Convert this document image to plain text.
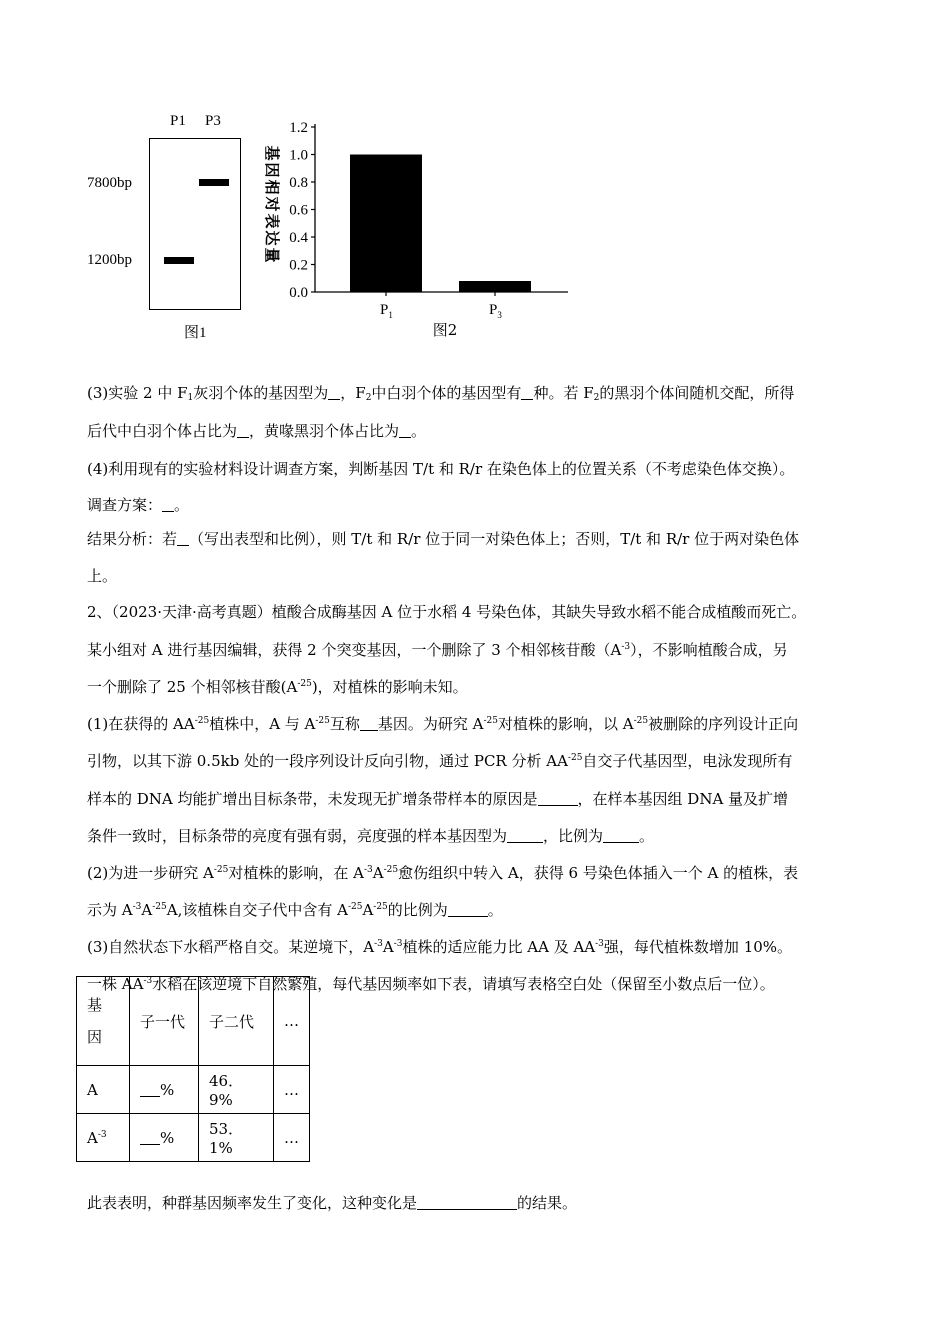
P1 P3
7800bp
1200bp
图1
0.0
0.2
0.4
0.6
0.8
1.0
1.2
$P_1$	$P_3$
基
因
相
对
表
达
量
图2
(3)实验 2 中 $F_1$灰羽个体的基因型为 ，$F_2$中白羽个体的基因型有 种。若 $F_2$的黑羽个体间随机交配，所得
后代中白羽个体占比为 ，黄喙黑羽个体占比为 。
(4)利用现有的实验材料设计调查方案，判断基因 T/t 和 R/r 在染色体上的位置关系（不考虑染色体交换）。
调查方案： 。
结果分析：若 （写出表型和比例），则 T/t 和 R/r 位于同一对染色体上；否则，T/t 和 R/r 位于两对染色体
上。
2、（2023·天津·高考真题）植酸合成酶基因 A 位于水稻 4 号染色体，其缺失导致水稻不能合成植酸而死亡。
某小组对 A 进行基因编辑，获得 2 个突变基因，一个删除了 3 个相邻核苷酸$(A^{-3})$，不影响植酸合成，另
一个删除了 25 个相邻核苷酸$(A^{-25})$，对植株的影响未知。
(1)在获得的 $AA^{-25}$植株中，A 与 $A^{-25}$互称 基因。为研究 $A^{-25}$对植株的影响，以 $A^{-25}$被删除的序列设计正向
引物，以其下游 0.5kb 处的一段序列设计反向引物，通过 PCR 分析 $AA^{-25}$自交子代基因型，电泳发现所有
样本的 DNA 均能扩增出目标条带，未发现无扩增条带样本的原因是	，在样本基因组 DNA 量及扩增
条件一致时，目标条带的亮度有强有弱，亮度强的样本基因型为 ，比例为 。
(2)为进一步研究 $A^{-25}$对植株的影响，在 $A^{-3}A^{-25}$愈伤组织中转入 A，获得 6 号染色体插入一个 A 的植株，表
示为 $A^{-3}A^{-25}A$,该植株自交子代中含有 $A^{-25}A^{-25}$的比例为	。
(3)自然状态下水稻严格自交。某逆境下，$A^{-3}A^{-3}$植株的适应能力比 AA 及 $AA^{-3}$强，每代植株数增加 10%。
一株 $AA^{-3}$水稻在该逆境下自然繁殖，每代基因频率如下表，请填写表格空白处（保留至小数点后一位）。
基
因	子一代	子二代	…
A	%	46．9%	…
$A^{-3}$	%	53．1%	…
此表表明，种群基因频率发生了变化，这种变化是	的结果。
